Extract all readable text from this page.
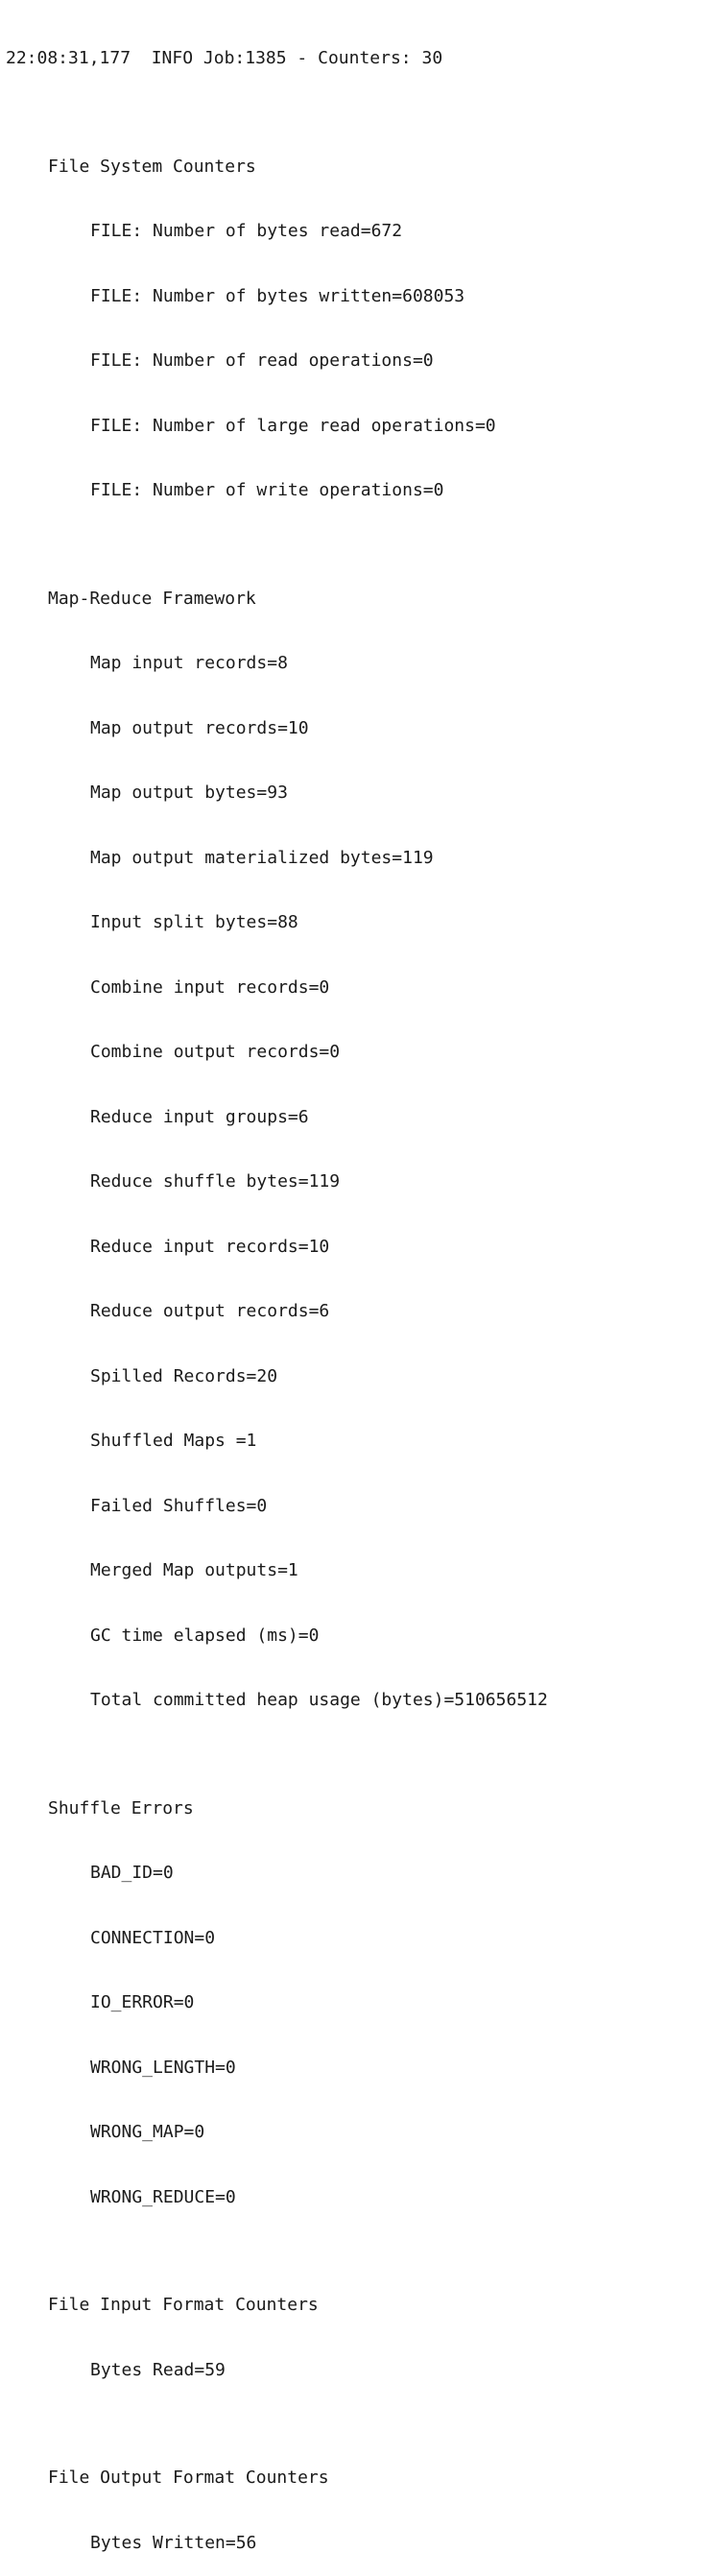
22:08:31,177  INFO Job:1385 - Counters: 30

File System Counters

FILE: Number of bytes read=672

FILE: Number of bytes written=608053

FILE: Number of read operations=0

FILE: Number of large read operations=0

FILE: Number of write operations=0

Map-Reduce Framework

Map input records=8

Map output records=10

Map output bytes=93

Map output materialized bytes=119

Input split bytes=88

Combine input records=0

Combine output records=0

Reduce input groups=6

Reduce shuffle bytes=119

Reduce input records=10

Reduce output records=6

Spilled Records=20

Shuffled Maps =1

Failed Shuffles=0

Merged Map outputs=1

GC time elapsed (ms)=0

Total committed heap usage (bytes)=510656512

Shuffle Errors

BAD_ID=0

CONNECTION=0

IO_ERROR=0

WRONG_LENGTH=0

WRONG_MAP=0

WRONG_REDUCE=0

File Input Format Counters

Bytes Read=59

File Output Format Counters

Bytes Written=56
